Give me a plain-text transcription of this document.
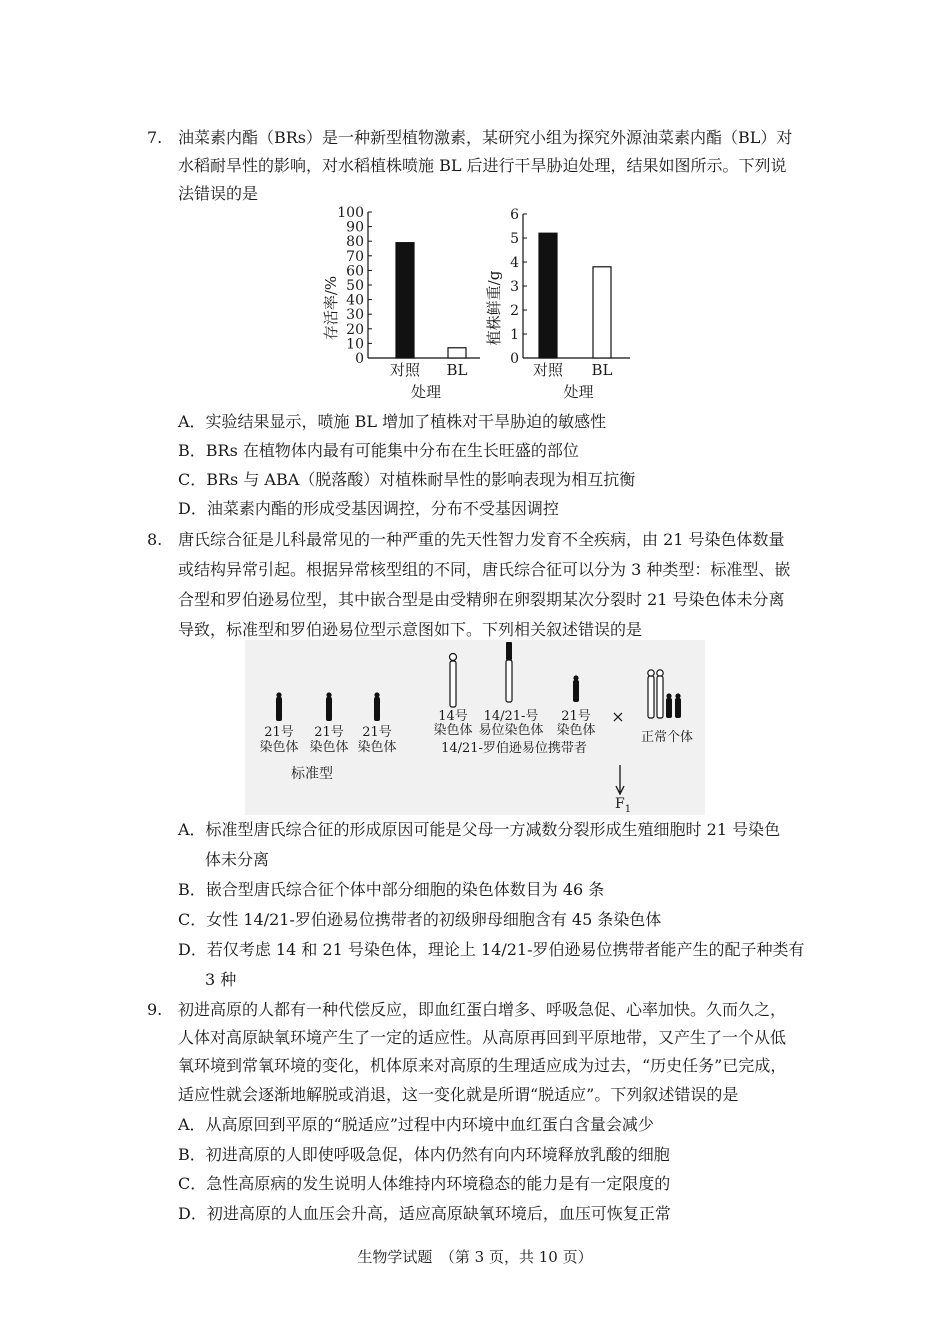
7. 油菜素内酯（BRs）是一种新型植物激素，某研究小组为探究外源油菜素内酯（BL）对
水稻耐旱性的影响，对水稻植株喷施 BL 后进行干旱胁迫处理，结果如图所示。下列说
法错误的是
存活率/%
0
10
20
30
40
50
60
70
80
90
100
对照 BL
处理
植株鲜重/g
0
1
2
3
4
5
6
对照 BL
处理
A．实验结果显示，喷施 BL 增加了植株对干旱胁迫的敏感性
B．BRs 在植物体内最有可能集中分布在生长旺盛的部位
C．BRs 与 ABA（脱落酸）对植株耐旱性的影响表现为相互抗衡
D．油菜素内酯的形成受基因调控，分布不受基因调控
8. 唐氏综合征是儿科最常见的一种严重的先天性智力发育不全疾病，由 21 号染色体数量
或结构异常引起。根据异常核型组的不同，唐氏综合征可以分为 3 种类型：标准型、嵌
合型和罗伯逊易位型，其中嵌合型是由受精卵在卵裂期某次分裂时 21 号染色体未分离
导致，标准型和罗伯逊易位型示意图如下。下列相关叙述错误的是
21号
染色体
21号
染色体
21号
染色体
标准型
14号
染色体
14/21-号
易位染色体
21号
染色体
14/21-罗伯逊易位携带者
×
正常个体
$F_1$
A．标准型唐氏综合征的形成原因可能是父母一方减数分裂形成生殖细胞时 21 号染色
体未分离
B．嵌合型唐氏综合征个体中部分细胞的染色体数目为 46 条
C．女性 14/21-罗伯逊易位携带者的初级卵母细胞含有 45 条染色体
D．若仅考虑 14 和 21 号染色体，理论上 14/21-罗伯逊易位携带者能产生的配子种类有
3 种
9. 初进高原的人都有一种代偿反应，即血红蛋白增多、呼吸急促、心率加快。久而久之，
人体对高原缺氧环境产生了一定的适应性。从高原再回到平原地带，又产生了一个从低
氧环境到常氧环境的变化，机体原来对高原的生理适应成为过去，“历史任务”已完成，
适应性就会逐渐地解脱或消退，这一变化就是所谓“脱适应”。下列叙述错误的是
A．从高原回到平原的“脱适应”过程中内环境中血红蛋白含量会减少
B．初进高原的人即使呼吸急促，体内仍然有向内环境释放乳酸的细胞
C．急性高原病的发生说明人体维持内环境稳态的能力是有一定限度的
D．初进高原的人血压会升高，适应高原缺氧环境后，血压可恢复正常
生物学试题　（第 3 页，共 10 页）
